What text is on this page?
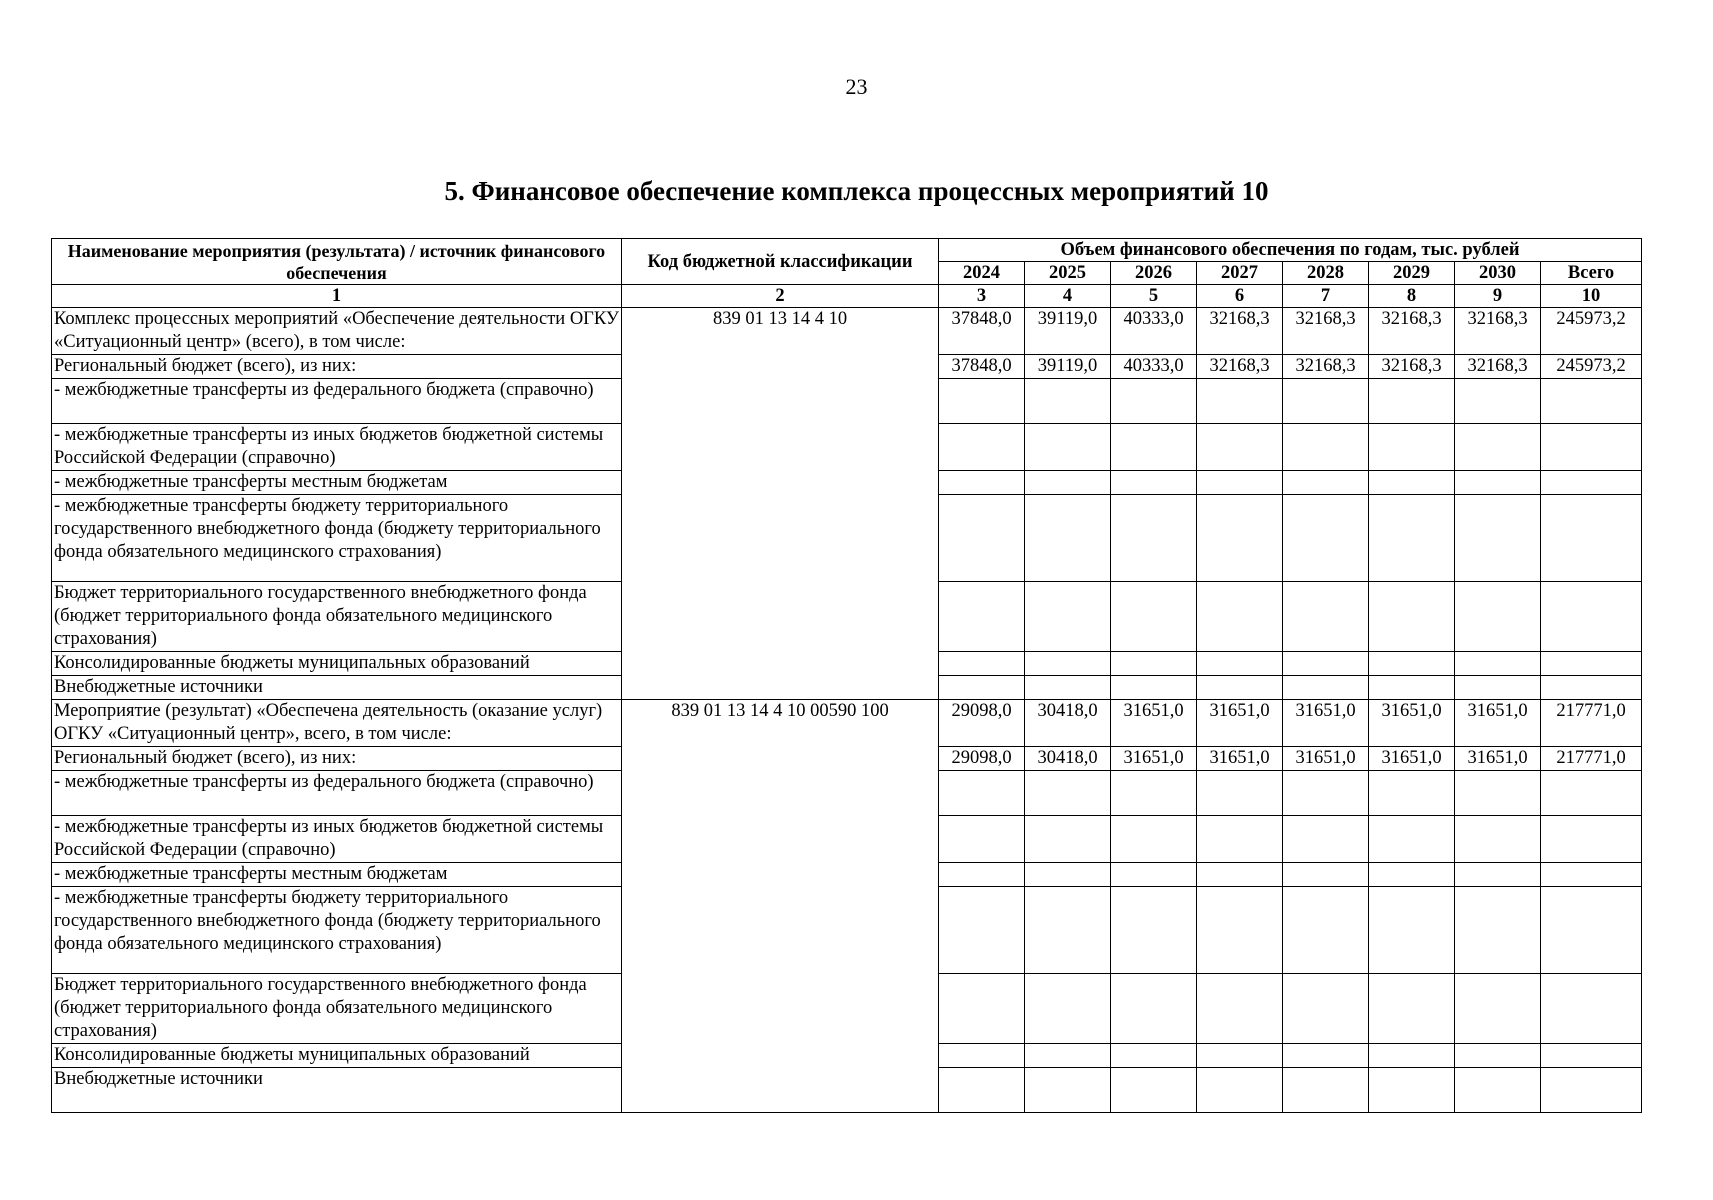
23
5. Финансовое обеспечение комплекса процессных мероприятий 10
Наименование мероприятия (результата) / источник финансового обеспечения	Код бюджетной классификации	Объем финансового обеспечения по годам, тыс. рублей							
		2024	2025	2026	2027	2028	2029	2030	Всего
1	2	3	4	5	6	7	8	9	10
Комплекс процессных мероприятий «Обеспечение деятельности ОГКУ «Ситуационный центр» (всего), в том числе:	839 01 13 14 4 10	37848,0	39119,0	40333,0	32168,3	32168,3	32168,3	32168,3	245973,2
Региональный бюджет (всего), из них:		37848,0	39119,0	40333,0	32168,3	32168,3	32168,3	32168,3	245973,2
- межбюджетные трансферты из федерального бюджета (справочно)									
- межбюджетные трансферты из иных бюджетов бюджетной системы Российской Федерации (справочно)									
- межбюджетные трансферты местным бюджетам									
- межбюджетные трансферты бюджету территориального государственного внебюджетного фонда (бюджету территориального фонда обязательного медицинского страхования)									
Бюджет территориального государственного внебюджетного фонда (бюджет территориального фонда обязательного медицинского страхования)									
Консолидированные бюджеты муниципальных образований									
Внебюджетные источники									
Мероприятие (результат) «Обеспечена деятельность (оказание услуг) ОГКУ «Ситуационный центр», всего, в том числе:	839 01 13 14 4 10 00590 100	29098,0	30418,0	31651,0	31651,0	31651,0	31651,0	31651,0	217771,0
Региональный бюджет (всего), из них:		29098,0	30418,0	31651,0	31651,0	31651,0	31651,0	31651,0	217771,0
- межбюджетные трансферты из федерального бюджета (справочно)									
- межбюджетные трансферты из иных бюджетов бюджетной системы Российской Федерации (справочно)									
- межбюджетные трансферты местным бюджетам									
- межбюджетные трансферты бюджету территориального государственного внебюджетного фонда (бюджету территориального фонда обязательного медицинского страхования)									
Бюджет территориального государственного внебюджетного фонда (бюджет территориального фонда обязательного медицинского страхования)									
Консолидированные бюджеты муниципальных образований									
Внебюджетные источники									
